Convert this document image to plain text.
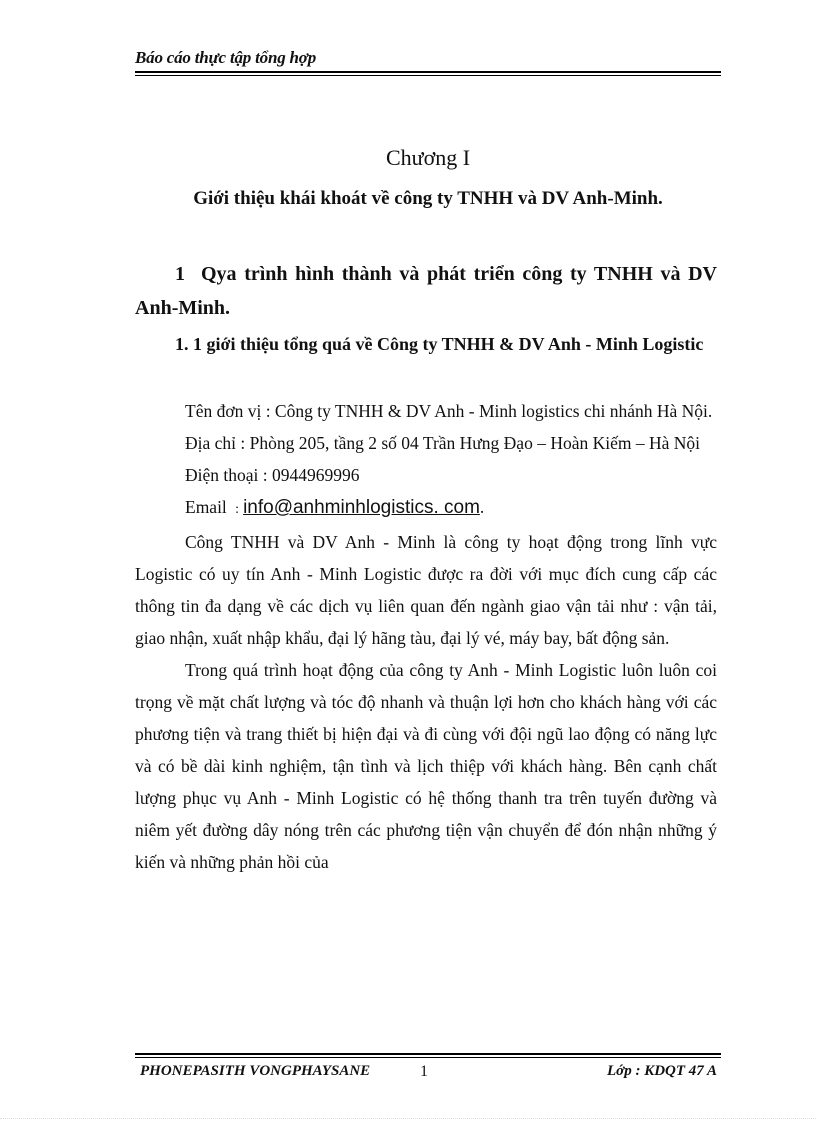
Báo cáo thực tập tổng hợp
Chương I
Giới thiệu khái khoát về công ty TNHH và DV Anh-Minh.
1 Qya trình hình thành và phát triển công ty TNHH và DV Anh-Minh.
1. 1 giới thiệu tổng quá về Công ty TNHH & DV Anh - Minh Logistic

Tên đơn vị : Công ty TNHH & DV Anh - Minh logistics chi nhánh Hà Nội.

Địa chỉ : Phòng 205, tầng 2 số 04 Trần Hưng Đạo – Hoàn Kiếm – Hà Nội

Điện thoại : 0944969996

Email : info@anhminhlogistics. com.

Công TNHH và DV Anh - Minh là công ty hoạt động trong lĩnh vực Logistic có uy tín Anh - Minh Logistic được ra đời với mục đích cung cấp các thông tin đa dạng về các dịch vụ liên quan đến ngành giao vận tải như : vận tải, giao nhận, xuất nhập khẩu, đại lý hãng tàu, đại lý vé, máy bay, bất động sản.

Trong quá trình hoạt động của công ty Anh - Minh Logistic luôn luôn coi trọng về mặt chất lượng và tóc độ nhanh và thuận lợi hơn cho khách hàng với các phương tiện và trang thiết bị hiện đại và đi cùng với đội ngũ lao động có năng lực và có bề dài kinh nghiệm, tận tình và lịch thiệp với khách hàng. Bên cạnh chất lượng phục vụ Anh - Minh Logistic có hệ thống thanh tra trên tuyến đường và niêm yết đường dây nóng trên các phương tiện vận chuyển để đón nhận những ý kiến và những phản hồi của

PHONEPASITH VONGPHAYSANE	1	Lớp : KDQT 47 A
